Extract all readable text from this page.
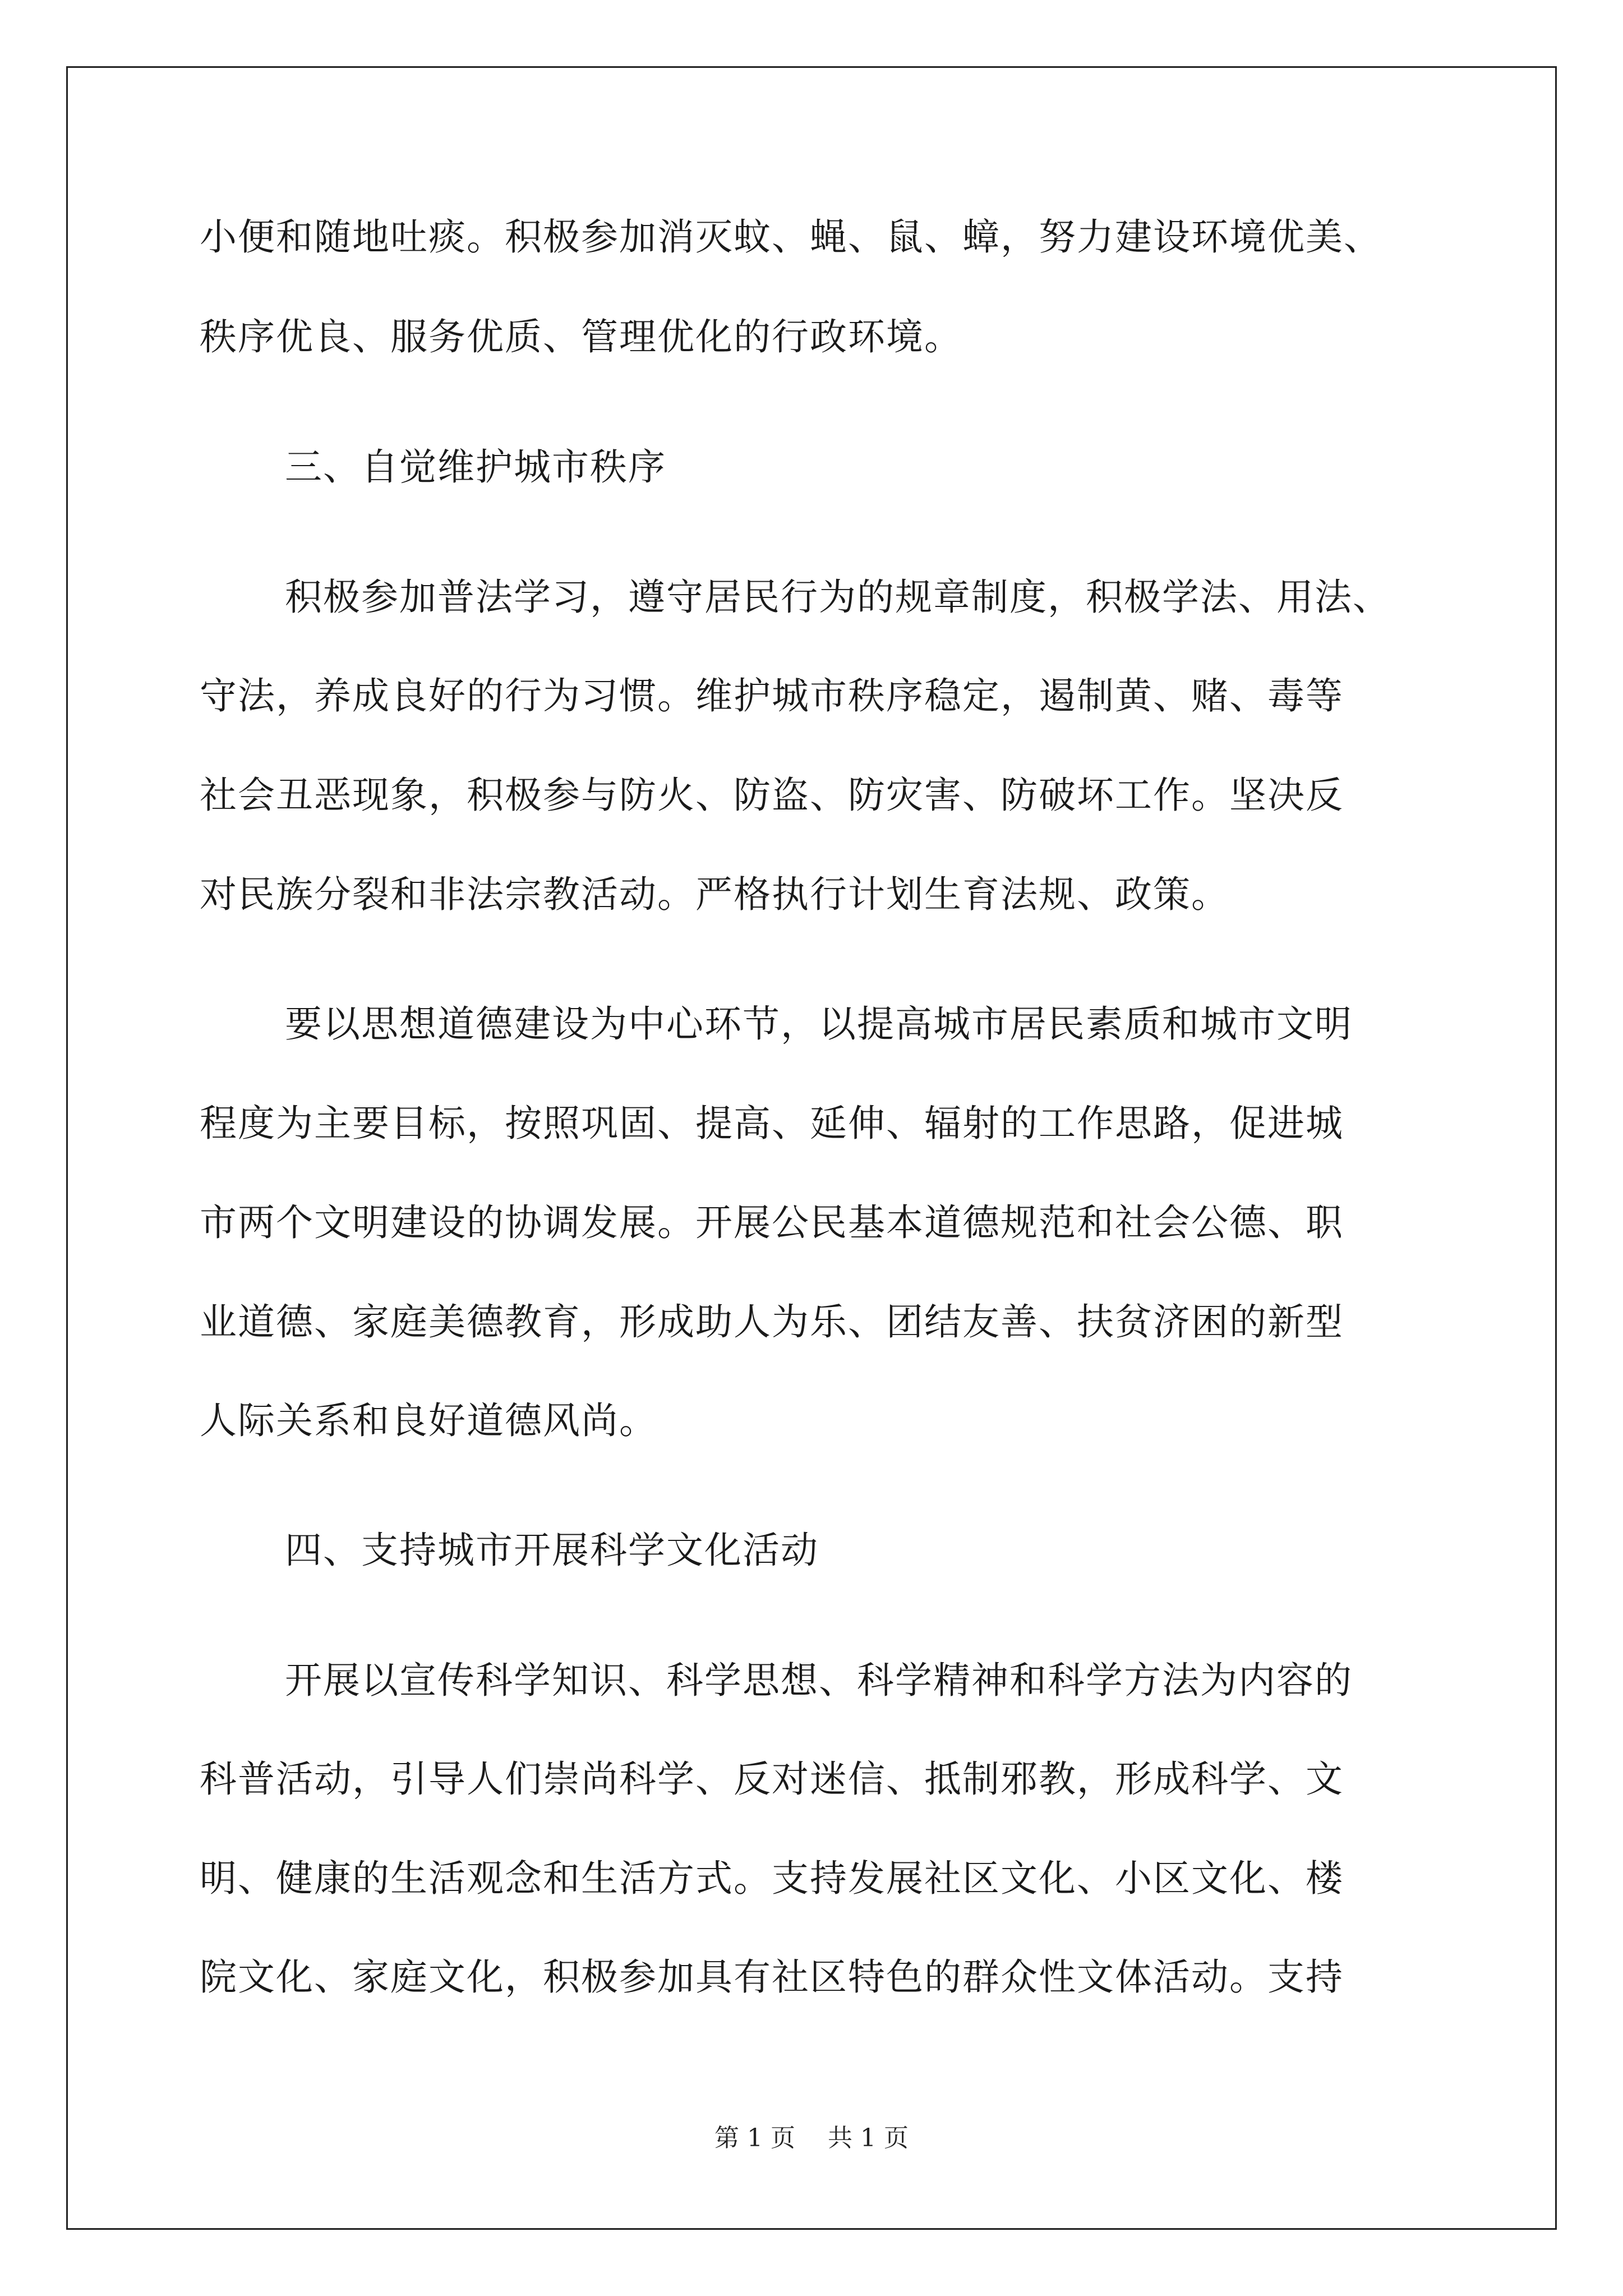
小便和随地吐痰。积极参加消灭蚊、蝇、鼠、蟑，努力建设环境优美、

秩序优良、服务优质、管理优化的行政环境。

三、自觉维护城市秩序

积极参加普法学习，遵守居民行为的规章制度，积极学法、用法、

守法，养成良好的行为习惯。维护城市秩序稳定，遏制黄、赌、毒等

社会丑恶现象，积极参与防火、防盗、防灾害、防破坏工作。坚决反

对民族分裂和非法宗教活动。严格执行计划生育法规、政策。

要以思想道德建设为中心环节，以提高城市居民素质和城市文明

程度为主要目标，按照巩固、提高、延伸、辐射的工作思路，促进城

市两个文明建设的协调发展。开展公民基本道德规范和社会公德、职

业道德、家庭美德教育，形成助人为乐、团结友善、扶贫济困的新型

人际关系和良好道德风尚。

四、支持城市开展科学文化活动

开展以宣传科学知识、科学思想、科学精神和科学方法为内容的

科普活动，引导人们崇尚科学、反对迷信、抵制邪教，形成科学、文

明、健康的生活观念和生活方式。支持发展社区文化、小区文化、楼

院文化、家庭文化，积极参加具有社区特色的群众性文体活动。支持

第 1 页 共 1 页
